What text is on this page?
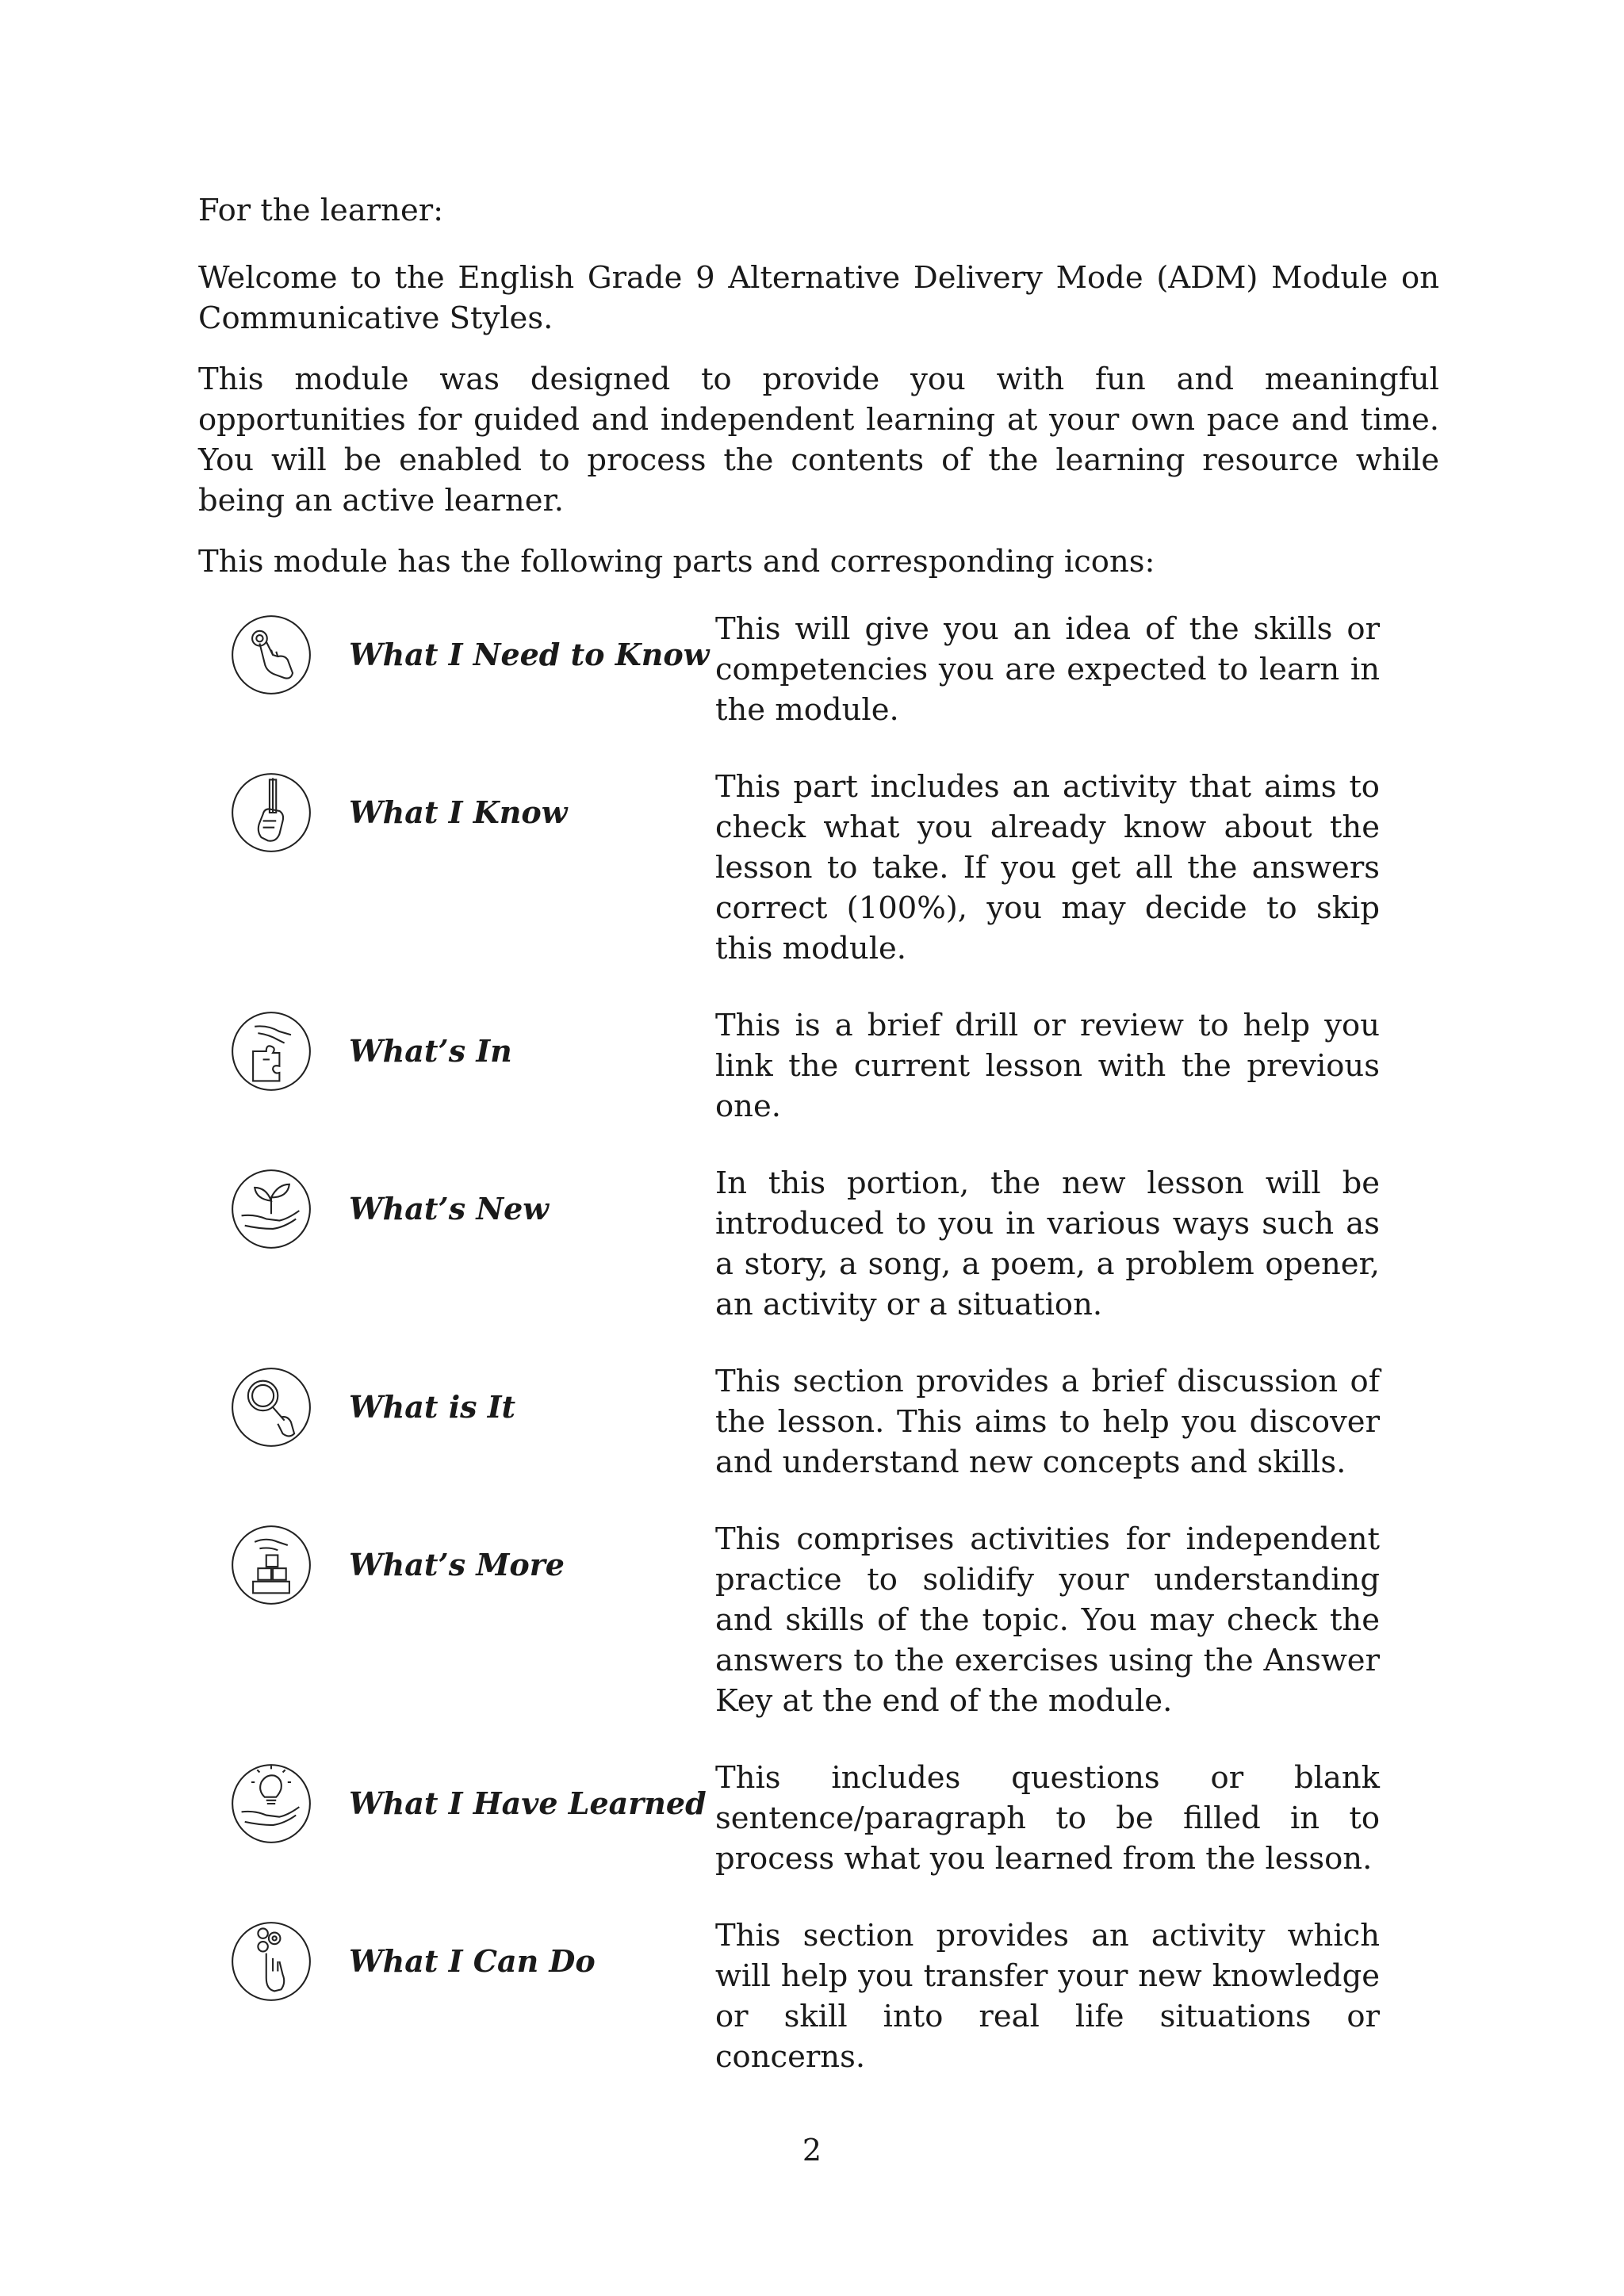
For the learner:

Welcome to the English Grade 9 Alternative Delivery Mode (ADM) Module on Communicative Styles.

This module was designed to provide you with fun and meaningful opportunities for guided and independent learning at your own pace and time. You will be enabled to process the contents of the learning resource while being an active learner.

This module has the following parts and corresponding icons:

What I Need to Know
This will give you an idea of the skills or competencies you are expected to learn in the module.
What I Know
This part includes an activity that aims to check what you already know about the lesson to take. If you get all the answers correct (100%), you may decide to skip this module.
What’s In
This is a brief drill or review to help you link the current lesson with the previous one.
What’s New
In this portion, the new lesson will be introduced to you in various ways such as a story, a song, a poem, a problem opener, an activity or a situation.
What is It
This section provides a brief discussion of the lesson. This aims to help you discover and understand new concepts and skills.
What’s More
This comprises activities for independent practice to solidify your understanding and skills of the topic. You may check the answers to the exercises using the Answer Key at the end of the module.
What I Have Learned
This includes questions or blank sentence/paragraph to be filled in to process what you learned from the lesson.
What I Can Do
This section provides an activity which will help you transfer your new knowledge or skill into real life situations or concerns.
2
